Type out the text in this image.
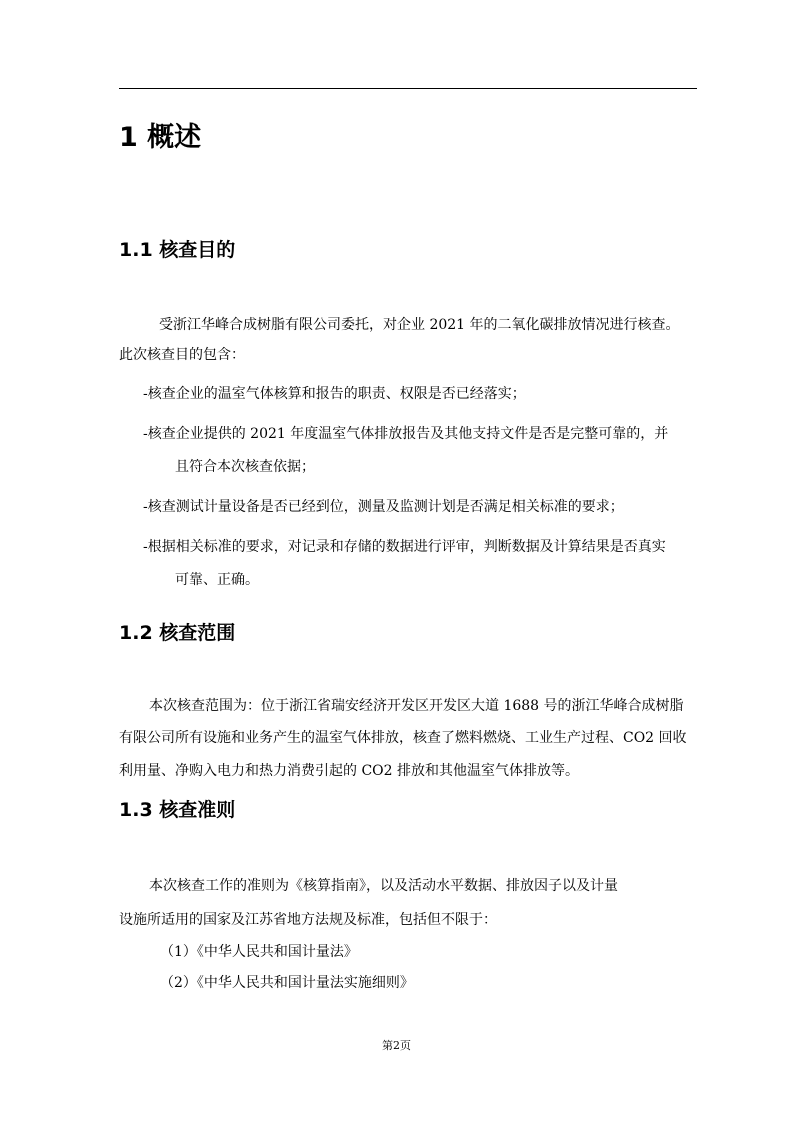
1 概述
1.1 核查目的

受浙江华峰合成树脂有限公司委托，对企业 2021 年的二氧化碳排放情况进行核查。

此次核查目的包含：

-核查企业的温室气体核算和报告的职责、权限是否已经落实；

-核查企业提供的 2021 年度温室气体排放报告及其他支持文件是否是完整可靠的，并

且符合本次核查依据；

-核查测试计量设备是否已经到位，测量及监测计划是否满足相关标准的要求；

-根据相关标准的要求，对记录和存储的数据进行评审，判断数据及计算结果是否真实

可靠、正确。

1.2 核查范围

本次核查范围为：位于浙江省瑞安经济开发区开发区大道 1688 号的浙江华峰合成树脂

有限公司所有设施和业务产生的温室气体排放，核查了燃料燃烧、工业生产过程、CO2 回收

利用量、净购入电力和热力消费引起的 CO2 排放和其他温室气体排放等。

1.3 核查准则

本次核查工作的准则为《核算指南》，以及活动水平数据、排放因子以及计量

设施所适用的国家及江苏省地方法规及标准，包括但不限于：

（1）《中华人民共和国计量法》

（2）《中华人民共和国计量法实施细则》

第2页
